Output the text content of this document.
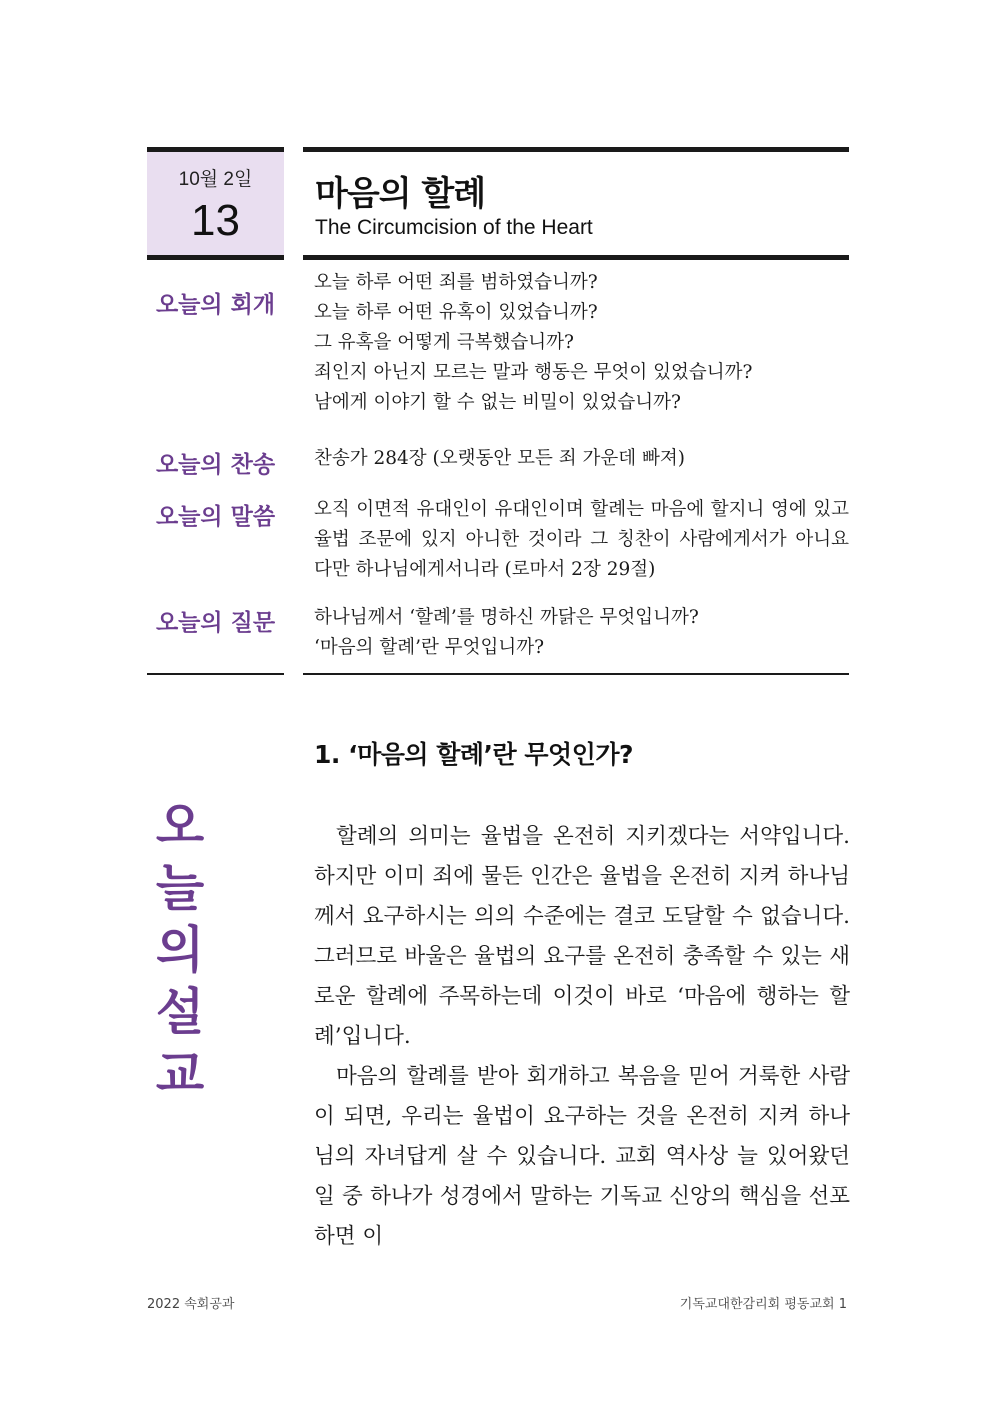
10월 2일
13
마음의 할례
The Circumcision of the Heart
오늘의 회개

오늘 하루 어떤 죄를 범하였습니까?

오늘 하루 어떤 유혹이 있었습니까?

그 유혹을 어떻게 극복했습니까?

죄인지 아닌지 모르는 말과 행동은 무엇이 있었습니까?

남에게 이야기 할 수 없는 비밀이 있었습니까?

오늘의 찬송	찬송가 284장 (오랫동안 모든 죄 가운데 빠져)

오늘의 말씀	오직 이면적 유대인이 유대인이며 할례는 마음에 할지니 영에 있고 율법 조문에 있지 아니한 것이라 그 칭찬이 사람에게서가 아니요 다만 하나님에게서니라 (로마서 2장 29절)

오늘의 질문	하나님께서 ‘할례’를 명하신 까닭은 무엇입니까?

‘마음의 할례’란 무엇입니까?

오
늘
의
설
교
1. ‘마음의 할례’란 무엇인가?
할례의 의미는 율법을 온전히 지키겠다는 서약입니다. 하지만 이미 죄에 물든 인간은 율법을 온전히 지켜 하나님께서 요구하시는 의의 수준에는 결코 도달할 수 없습니다. 그러므로 바울은 율법의 요구를 온전히 충족할 수 있는 새로운 할례에 주목하는데 이것이 바로 ‘마음에 행하는 할례’입니다.
마음의 할례를 받아 회개하고 복음을 믿어 거룩한 사람이 되면, 우리는 율법이 요구하는 것을 온전히 지켜 하나님의 자녀답게 살 수 있습니다. 교회 역사상 늘 있어왔던 일 중 하나가 성경에서 말하는 기독교 신앙의 핵심을 선포하면 이
2022 속회공과	기독교대한감리회 평동교회 1
